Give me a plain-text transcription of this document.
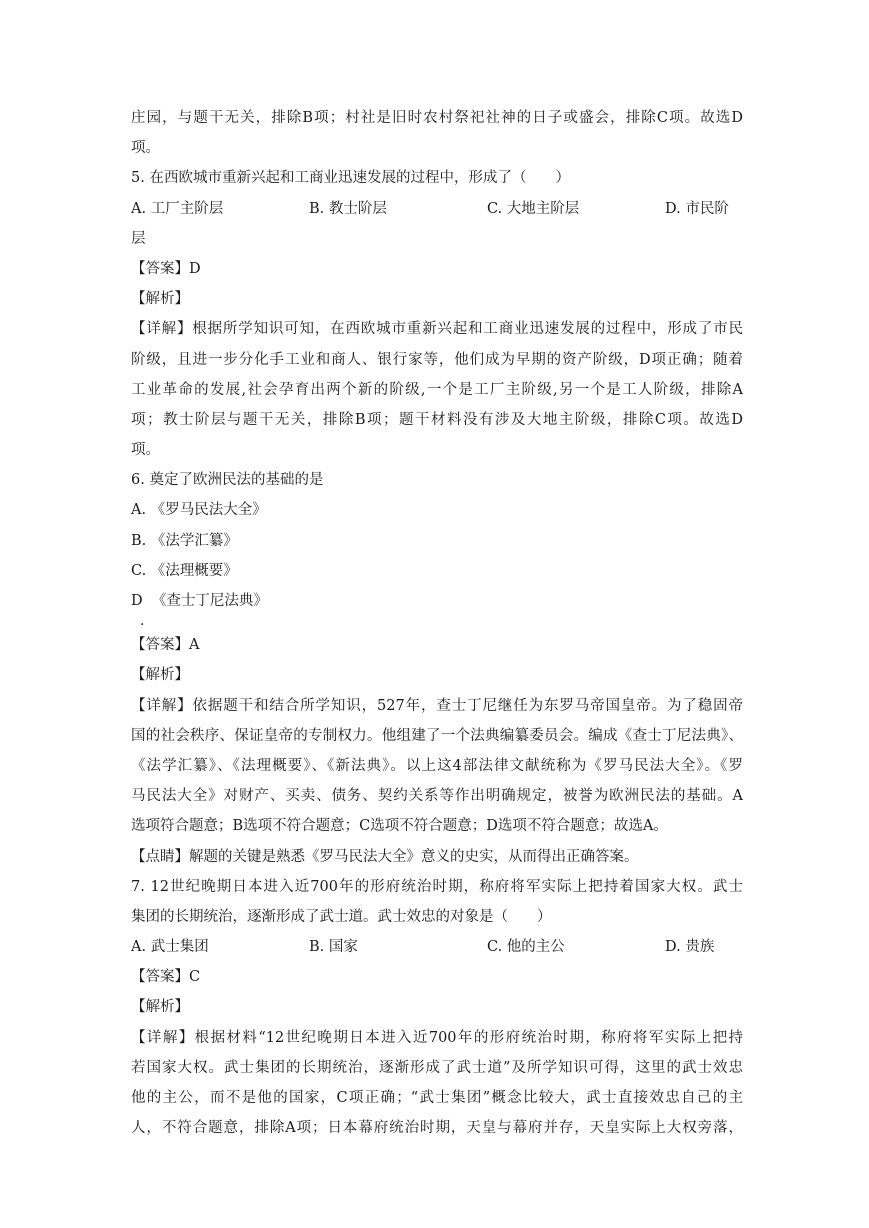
庄园，与题干无关，排除B项；村社是旧时农村祭祀社神的日子或盛会，排除C项。故选D
项。
5. 在西欧城市重新兴起和工商业迅速发展的过程中，形成了（　　）
A. 工厂主阶层	B. 教士阶层	C. 大地主阶层	D. 市民阶
层
【答案】D
【解析】
【详解】根据所学知识可知，在西欧城市重新兴起和工商业迅速发展的过程中，形成了市民
阶级，且进一步分化手工业和商人、银行家等，他们成为早期的资产阶级，D项正确；随着
工业革命的发展,社会孕育出两个新的阶级,一个是工厂主阶级,另一个是工人阶级，排除A
项；教士阶层与题干无关，排除B项；题干材料没有涉及大地主阶级，排除C项。故选D
项。
6. 奠定了欧洲民法的基础的是
A. 《罗马民法大全》
B. 《法学汇纂》
C. 《法理概要》
D  《查士丁尼法典》
.
【答案】A
【解析】
【详解】依据题干和结合所学知识，527年，查士丁尼继任为东罗马帝国皇帝。为了稳固帝
国的社会秩序、保证皇帝的专制权力。他组建了一个法典编纂委员会。编成《查士丁尼法典》、
《法学汇纂》、《法理概要》、《新法典》。以上这4部法律文献统称为《罗马民法大全》。《罗
马民法大全》对财产、买卖、债务、契约关系等作出明确规定，被誉为欧洲民法的基础。A
选项符合题意；B选项不符合题意；C选项不符合题意；D选项不符合题意；故选A。
【点睛】解题的关键是熟悉《罗马民法大全》意义的史实，从而得出正确答案。
7. 12世纪晚期日本进入近700年的形府统治时期，称府将军实际上把持着国家大权。武士
集团的长期统治，逐渐形成了武士道。武士效忠的对象是（　　）
A. 武士集团	B. 国家	C. 他的主公	D. 贵族
【答案】C
【解析】
【详解】根据材料“12世纪晚期日本进入近700年的形府统治时期，称府将军实际上把持
若国家大权。武士集团的长期统治，逐渐形成了武士道”及所学知识可得，这里的武士效忠
他的主公，而不是他的国家，C项正确；“武士集团”概念比较大，武士直接效忠自己的主
人，不符合题意，排除A项；日本幕府统治时期，天皇与幕府并存，天皇实际上大权旁落，
